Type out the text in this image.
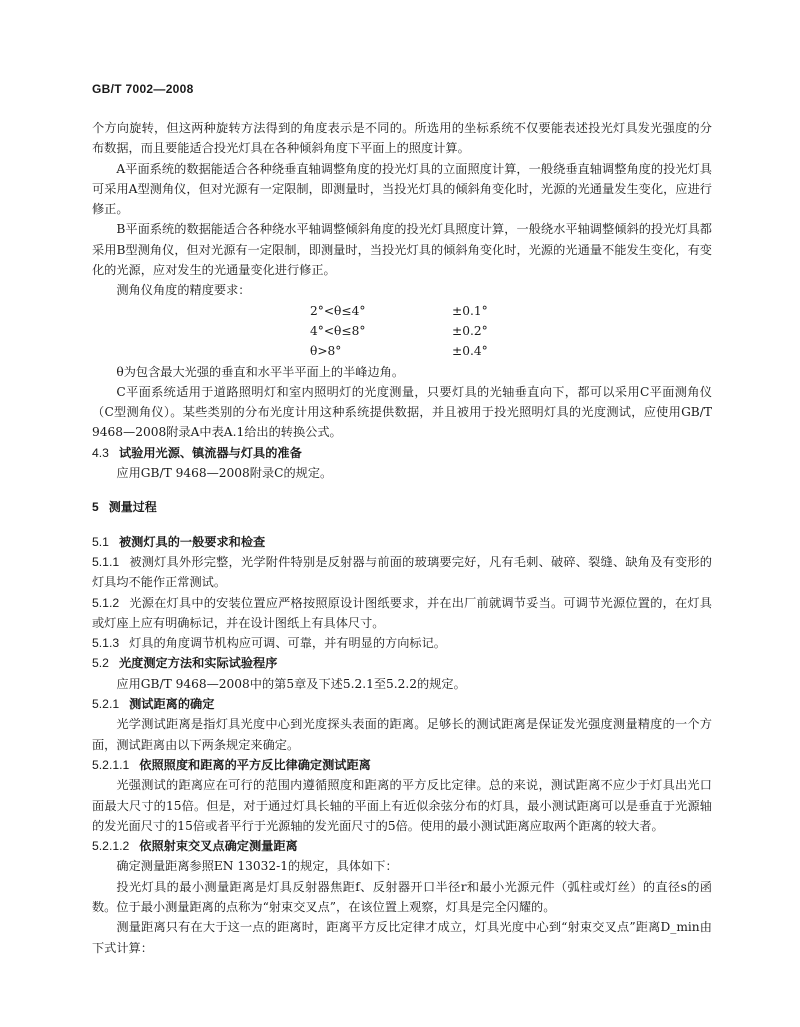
GB/T 7002—2008

个方向旋转，但这两种旋转方法得到的角度表示是不同的。所选用的坐标系统不仅要能表述投光灯具发光强度的分布数据，而且要能适合投光灯具在各种倾斜角度下平面上的照度计算。

A平面系统的数据能适合各种绕垂直轴调整角度的投光灯具的立面照度计算，一般绕垂直轴调整角度的投光灯具可采用A型测角仪，但对光源有一定限制，即测量时，当投光灯具的倾斜角变化时，光源的光通量发生变化，应进行修正。

B平面系统的数据能适合各种绕水平轴调整倾斜角度的投光灯具照度计算，一般绕水平轴调整倾斜的投光灯具都采用B型测角仪，但对光源有一定限制，即测量时，当投光灯具的倾斜角变化时，光源的光通量不能发生变化，有变化的光源，应对发生的光通量变化进行修正。

测角仪角度的精度要求：

2°<θ≤4°	±0.1°
4°<θ≤8°	±0.2°
θ>8°	±0.4°

θ为包含最大光强的垂直和水平半平面上的半峰边角。

C平面系统适用于道路照明灯和室内照明灯的光度测量，只要灯具的光轴垂直向下，都可以采用C平面测角仪（C型测角仪）。某些类别的分布光度计用这种系统提供数据，并且被用于投光照明灯具的光度测试，应使用GB/T 9468—2008附录A中表A.1给出的转换公式。

4.3 试验用光源、镇流器与灯具的准备

应用GB/T 9468—2008附录C的规定。

5 测量过程

5.1 被测灯具的一般要求和检查

5.1.1 被测灯具外形完整，光学附件特别是反射器与前面的玻璃要完好，凡有毛刺、破碎、裂缝、缺角及有变形的灯具均不能作正常测试。

5.1.2 光源在灯具中的安装位置应严格按照原设计图纸要求，并在出厂前就调节妥当。可调节光源位置的，在灯具或灯座上应有明确标记，并在设计图纸上有具体尺寸。

5.1.3 灯具的角度调节机构应可调、可靠，并有明显的方向标记。

5.2 光度测定方法和实际试验程序

应用GB/T 9468—2008中的第5章及下述5.2.1至5.2.2的规定。

5.2.1 测试距离的确定

光学测试距离是指灯具光度中心到光度探头表面的距离。足够长的测试距离是保证发光强度测量精度的一个方面，测试距离由以下两条规定来确定。

5.2.1.1 依照照度和距离的平方反比律确定测试距离

光强测试的距离应在可行的范围内遵循照度和距离的平方反比定律。总的来说，测试距离不应少于灯具出光口面最大尺寸的15倍。但是，对于通过灯具长轴的平面上有近似余弦分布的灯具，最小测试距离可以是垂直于光源轴的发光面尺寸的15倍或者平行于光源轴的发光面尺寸的5倍。使用的最小测试距离应取两个距离的较大者。

5.2.1.2 依照射束交叉点确定测量距离

确定测量距离参照EN 13032-1的规定，具体如下：

投光灯具的最小测量距离是灯具反射器焦距f、反射器开口半径r和最小光源元件（弧柱或灯丝）的直径s的函数。位于最小测量距离的点称为“射束交叉点”，在该位置上观察，灯具是完全闪耀的。

测量距离只有在大于这一点的距离时，距离平方反比定律才成立，灯具光度中心到“射束交叉点”距离D_min由下式计算：
